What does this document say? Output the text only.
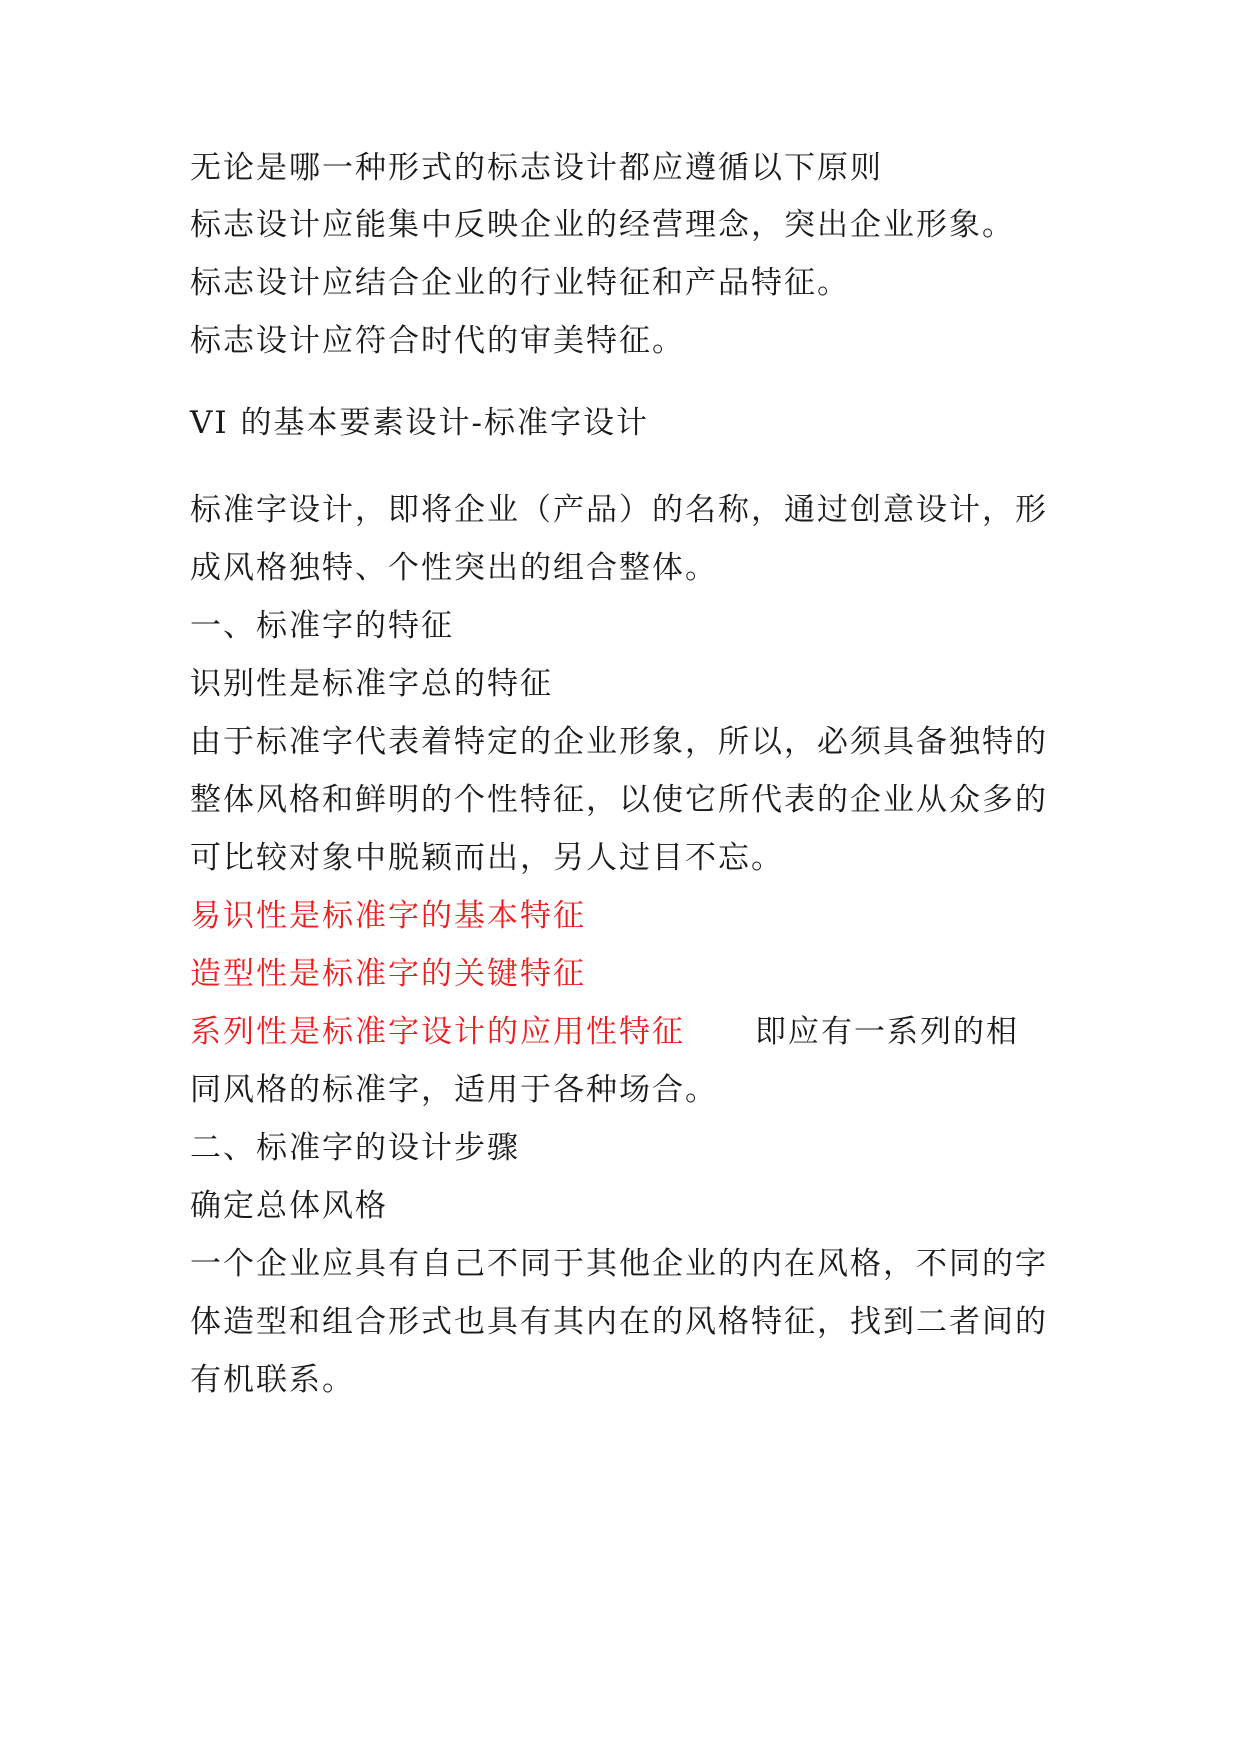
无论是哪一种形式的标志设计都应遵循以下原则
标志设计应能集中反映企业的经营理念，突出企业形象。
标志设计应结合企业的行业特征和产品特征。
标志设计应符合时代的审美特征。
VI 的基本要素设计-标准字设计
标准字设计，即将企业（产品）的名称，通过创意设计，形
成风格独特、个性突出的组合整体。
一、标准字的特征
识别性是标准字总的特征
由于标准字代表着特定的企业形象，所以，必须具备独特的
整体风格和鲜明的个性特征，以使它所代表的企业从众多的
可比较对象中脱颖而出，另人过目不忘。
易识性是标准字的基本特征
造型性是标准字的关键特征
系列性是标准字设计的应用性特征 即应有一系列的相
同风格的标准字，适用于各种场合。
二、标准字的设计步骤
确定总体风格
一个企业应具有自己不同于其他企业的内在风格，不同的字
体造型和组合形式也具有其内在的风格特征，找到二者间的
有机联系。
